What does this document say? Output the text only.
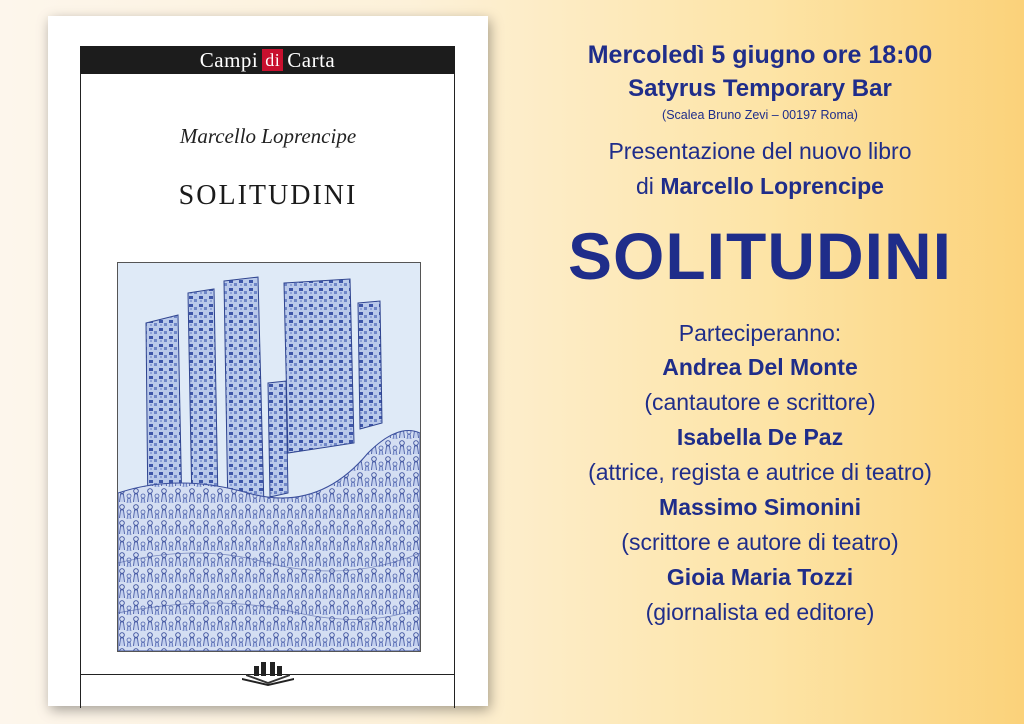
Campi di Carta
Marcello Loprencipe
SOLITUDINI
Mercoledì 5 giugno ore 18:00
Satyrus Temporary Bar
(Scalea Bruno Zevi – 00197 Roma)
Presentazione del nuovo libro
di Marcello Loprencipe
SOLITUDINI
Parteciperanno:
Andrea Del Monte
(cantautore e scrittore)
Isabella De Paz
(attrice, regista e autrice di teatro)
Massimo Simonini
(scrittore e autore di teatro)
Gioia Maria Tozzi
(giornalista ed editore)
